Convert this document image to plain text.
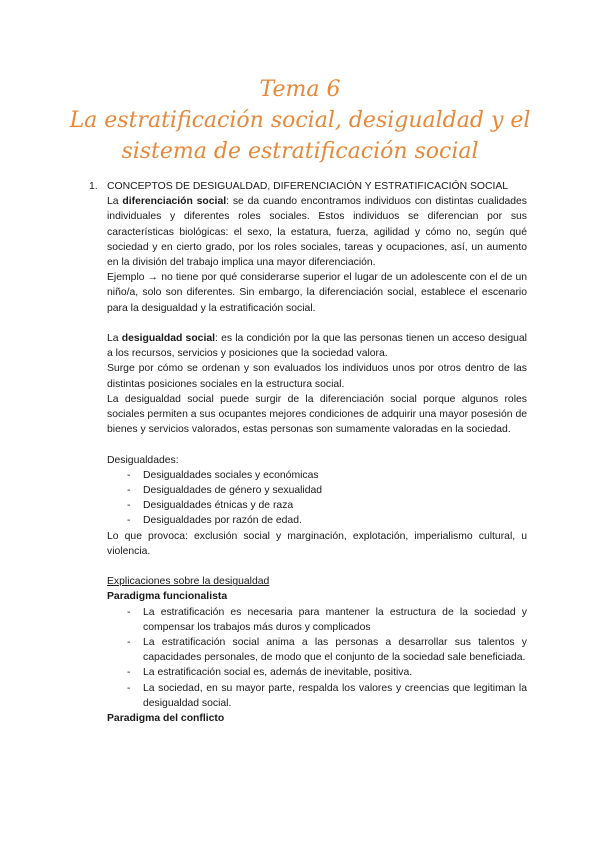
Tema 6
La estratificación social, desigualdad y el
sistema de estratificación social

1. CONCEPTOS DE DESIGUALDAD, DIFERENCIACIÓN Y ESTRATIFICACIÓN SOCIAL

La diferenciación social: se da cuando encontramos individuos con distintas cualidades individuales y diferentes roles sociales. Estos individuos se diferencian por sus características biológicas: el sexo, la estatura, fuerza, agilidad y cómo no, según qué sociedad y en cierto grado, por los roles sociales, tareas y ocupaciones, así, un aumento en la división del trabajo implica una mayor diferenciación.

Ejemplo → no tiene por qué considerarse superior el lugar de un adolescente con el de un niño/a, solo son diferentes. Sin embargo, la diferenciación social, establece el escenario para la desigualdad y la estratificación social.

La desigualdad social: es la condición por la que las personas tienen un acceso desigual a los recursos, servicios y posiciones que la sociedad valora.

Surge por cómo se ordenan y son evaluados los individuos unos por otros dentro de las distintas posiciones sociales en la estructura social.

La desigualdad social puede surgir de la diferenciación social porque algunos roles sociales permiten a sus ocupantes mejores condiciones de adquirir una mayor posesión de bienes y servicios valorados, estas personas son sumamente valoradas en la sociedad.

Desigualdades:

- Desigualdades sociales y económicas
- Desigualdades de género y sexualidad
- Desigualdades étnicas y de raza
- Desigualdades por razón de edad.

Lo que provoca: exclusión social y marginación, explotación, imperialismo cultural, u violencia.

Explicaciones sobre la desigualdad

Paradigma funcionalista

- La estratificación es necesaria para mantener la estructura de la sociedad y compensar los trabajos más duros y complicados
- La estratificación social anima a las personas a desarrollar sus talentos y capacidades personales, de modo que el conjunto de la sociedad sale beneficiada.
- La estratificación social es, además de inevitable, positiva.
- La sociedad, en su mayor parte, respalda los valores y creencias que legitiman la desigualdad social.

Paradigma del conflicto
